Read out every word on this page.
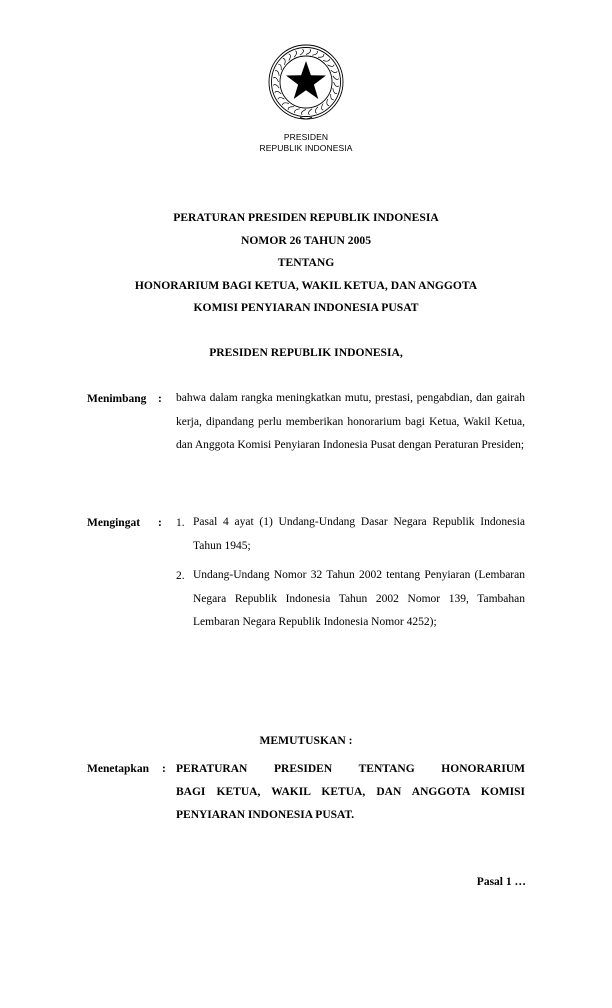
PRESIDEN
REPUBLIK INDONESIA
PERATURAN PRESIDEN REPUBLIK INDONESIA
NOMOR 26 TAHUN 2005
TENTANG
HONORARIUM BAGI KETUA, WAKIL KETUA, DAN ANGGOTA
KOMISI PENYIARAN INDONESIA PUSAT
PRESIDEN REPUBLIK INDONESIA,
Menimbang : bahwa dalam rangka meningkatkan mutu, prestasi, pengabdian, dan gairah kerja, dipandang perlu memberikan honorarium bagi Ketua, Wakil Ketua, dan Anggota Komisi Penyiaran Indonesia Pusat dengan Peraturan Presiden;
Mengingat : 1. Pasal 4 ayat (1) Undang-Undang Dasar Negara Republik Indonesia Tahun 1945;
2. Undang-Undang Nomor 32 Tahun 2002 tentang Penyiaran (Lembaran Negara Republik Indonesia Tahun 2002 Nomor 139, Tambahan Lembaran Negara Republik Indonesia Nomor 4252);
MEMUTUSKAN :
Menetapkan : PERATURAN PRESIDEN TENTANG HONORARIUM
BAGI KETUA, WAKIL KETUA, DAN ANGGOTA KOMISI
PENYIARAN INDONESIA PUSAT.
Pasal 1 …
